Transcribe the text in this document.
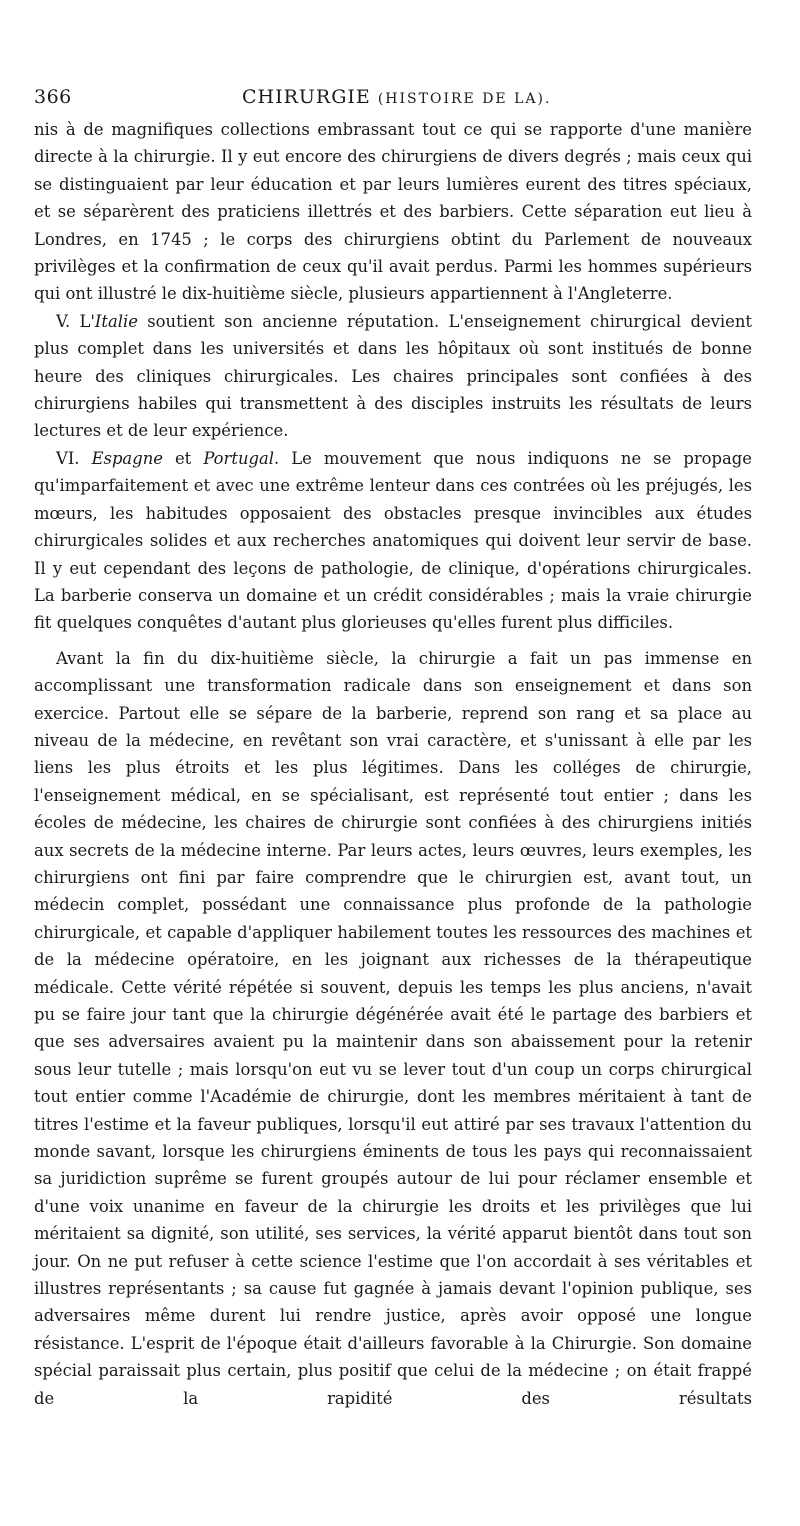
366	CHIRURGIE (HISTOIRE DE LA).

nis à de magnifiques collections embrassant tout ce qui se rapporte d'une manière directe à la chirurgie. Il y eut encore des chirurgiens de divers degrés ; mais ceux qui se distinguaient par leur éducation et par leurs lumières eurent des titres spéciaux, et se séparèrent des praticiens illettrés et des barbiers. Cette séparation eut lieu à Londres, en 1745 ; le corps des chirurgiens obtint du Parlement de nouveaux privilèges et la confirmation de ceux qu'il avait perdus. Parmi les hommes supérieurs qui ont illustré le dix-huitième siècle, plusieurs appartiennent à l'Angleterre.

V. L'Italie soutient son ancienne réputation. L'enseignement chirurgical devient plus complet dans les universités et dans les hôpitaux où sont institués de bonne heure des cliniques chirurgicales. Les chaires principales sont confiées à des chirurgiens habiles qui transmettent à des disciples instruits les résultats de leurs lectures et de leur expérience.

VI. Espagne et Portugal. Le mouvement que nous indiquons ne se propage qu'imparfaitement et avec une extrême lenteur dans ces contrées où les préjugés, les mœurs, les habitudes opposaient des obstacles presque invincibles aux études chirurgicales solides et aux recherches anatomiques qui doivent leur servir de base. Il y eut cependant des leçons de pathologie, de clinique, d'opérations chirurgicales. La barberie conserva un domaine et un crédit considérables ; mais la vraie chirurgie fit quelques conquêtes d'autant plus glorieuses qu'elles furent plus difficiles.

Avant la fin du dix-huitième siècle, la chirurgie a fait un pas immense en accomplissant une transformation radicale dans son enseignement et dans son exercice. Partout elle se sépare de la barberie, reprend son rang et sa place au niveau de la médecine, en revêtant son vrai caractère, et s'unissant à elle par les liens les plus étroits et les plus légitimes. Dans les colléges de chirurgie, l'enseignement médical, en se spécialisant, est représenté tout entier ; dans les écoles de médecine, les chaires de chirurgie sont confiées à des chirurgiens initiés aux secrets de la médecine interne. Par leurs actes, leurs œuvres, leurs exemples, les chirurgiens ont fini par faire comprendre que le chirurgien est, avant tout, un médecin complet, possédant une connaissance plus profonde de la pathologie chirurgicale, et capable d'appliquer habilement toutes les ressources des machines et de la médecine opératoire, en les joignant aux richesses de la thérapeutique médicale. Cette vérité répétée si souvent, depuis les temps les plus anciens, n'avait pu se faire jour tant que la chirurgie dégénérée avait été le partage des barbiers et que ses adversaires avaient pu la maintenir dans son abaissement pour la retenir sous leur tutelle ; mais lorsqu'on eut vu se lever tout d'un coup un corps chirurgical tout entier comme l'Académie de chirurgie, dont les membres méritaient à tant de titres l'estime et la faveur publiques, lorsqu'il eut attiré par ses travaux l'attention du monde savant, lorsque les chirurgiens éminents de tous les pays qui reconnaissaient sa juridiction suprême se furent groupés autour de lui pour réclamer ensemble et d'une voix unanime en faveur de la chirurgie les droits et les privilèges que lui méritaient sa dignité, son utilité, ses services, la vérité apparut bientôt dans tout son jour. On ne put refuser à cette science l'estime que l'on accordait à ses véritables et illustres représentants ; sa cause fut gagnée à jamais devant l'opinion publique, ses adversaires même durent lui rendre justice, après avoir opposé une longue résistance. L'esprit de l'époque était d'ailleurs favorable à la Chirurgie. Son domaine spécial paraissait plus certain, plus positif que celui de la médecine ; on était frappé de la rapidité des résultats
